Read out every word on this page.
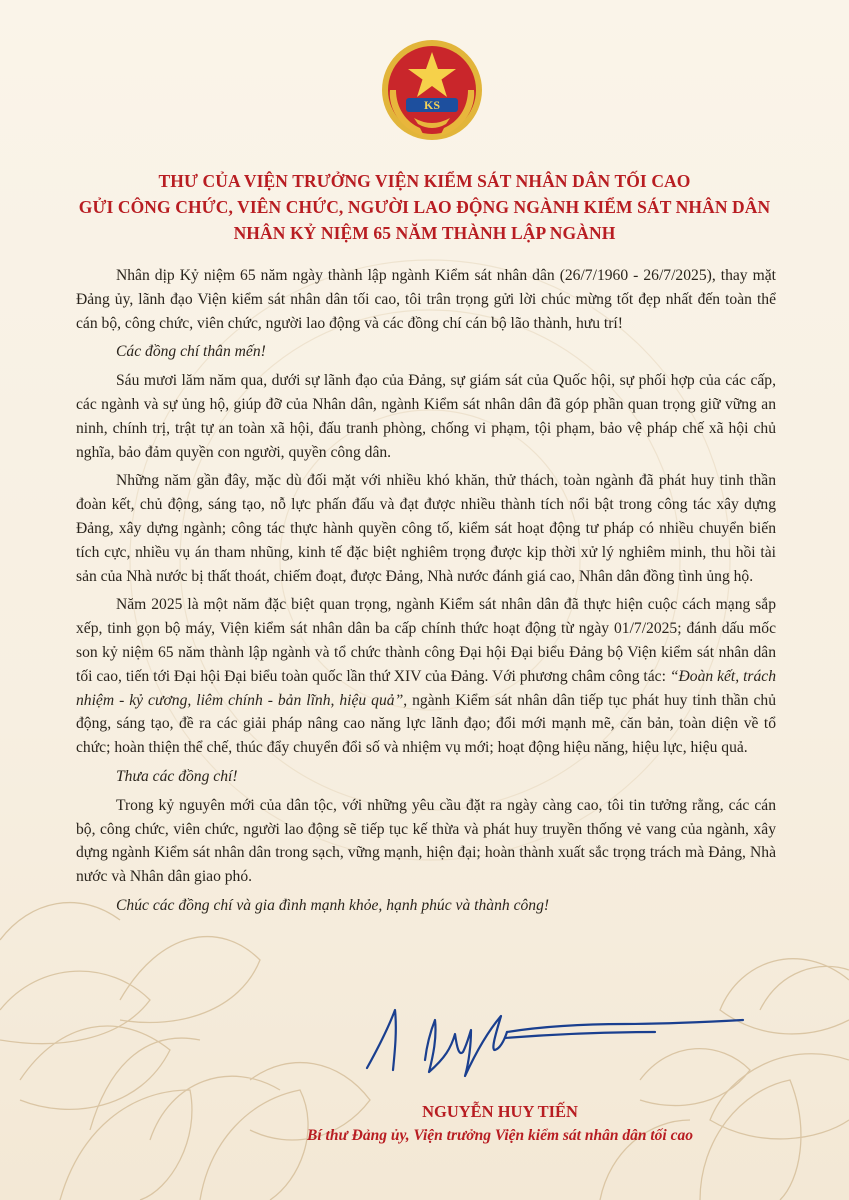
KS
THƯ CỦA VIỆN TRƯỞNG VIỆN KIỂM SÁT NHÂN DÂN TỐI CAO
GỬI CÔNG CHỨC, VIÊN CHỨC, NGƯỜI LAO ĐỘNG NGÀNH KIỂM SÁT NHÂN DÂN
NHÂN KỶ NIỆM 65 NĂM THÀNH LẬP NGÀNH

Nhân dịp Kỷ niệm 65 năm ngày thành lập ngành Kiểm sát nhân dân (26/7/1960 - 26/7/2025), thay mặt Đảng ủy, lãnh đạo Viện kiểm sát nhân dân tối cao, tôi trân trọng gửi lời chúc mừng tốt đẹp nhất đến toàn thể cán bộ, công chức, viên chức, người lao động và các đồng chí cán bộ lão thành, hưu trí!

Các đồng chí thân mến!

Sáu mươi lăm năm qua, dưới sự lãnh đạo của Đảng, sự giám sát của Quốc hội, sự phối hợp của các cấp, các ngành và sự ủng hộ, giúp đỡ của Nhân dân, ngành Kiểm sát nhân dân đã góp phần quan trọng giữ vững an ninh, chính trị, trật tự an toàn xã hội, đấu tranh phòng, chống vi phạm, tội phạm, bảo vệ pháp chế xã hội chủ nghĩa, bảo đảm quyền con người, quyền công dân.

Những năm gần đây, mặc dù đối mặt với nhiều khó khăn, thử thách, toàn ngành đã phát huy tinh thần đoàn kết, chủ động, sáng tạo, nỗ lực phấn đấu và đạt được nhiều thành tích nổi bật trong công tác xây dựng Đảng, xây dựng ngành; công tác thực hành quyền công tố, kiểm sát hoạt động tư pháp có nhiều chuyển biến tích cực, nhiều vụ án tham nhũng, kinh tế đặc biệt nghiêm trọng được kịp thời xử lý nghiêm minh, thu hồi tài sản của Nhà nước bị thất thoát, chiếm đoạt, được Đảng, Nhà nước đánh giá cao, Nhân dân đồng tình ủng hộ.

Năm 2025 là một năm đặc biệt quan trọng, ngành Kiểm sát nhân dân đã thực hiện cuộc cách mạng sắp xếp, tinh gọn bộ máy, Viện kiểm sát nhân dân ba cấp chính thức hoạt động từ ngày 01/7/2025; đánh dấu mốc son kỷ niệm 65 năm thành lập ngành và tổ chức thành công Đại hội Đại biểu Đảng bộ Viện kiểm sát nhân dân tối cao, tiến tới Đại hội Đại biểu toàn quốc lần thứ XIV của Đảng. Với phương châm công tác: “Đoàn kết, trách nhiệm - kỷ cương, liêm chính - bản lĩnh, hiệu quả”, ngành Kiểm sát nhân dân tiếp tục phát huy tinh thần chủ động, sáng tạo, đề ra các giải pháp nâng cao năng lực lãnh đạo; đổi mới mạnh mẽ, căn bản, toàn diện về tổ chức; hoàn thiện thể chế, thúc đẩy chuyển đổi số và nhiệm vụ mới; hoạt động hiệu năng, hiệu lực, hiệu quả.

Thưa các đồng chí!

Trong kỷ nguyên mới của dân tộc, với những yêu cầu đặt ra ngày càng cao, tôi tin tưởng rằng, các cán bộ, công chức, viên chức, người lao động sẽ tiếp tục kế thừa và phát huy truyền thống vẻ vang của ngành, xây dựng ngành Kiểm sát nhân dân trong sạch, vững mạnh, hiện đại; hoàn thành xuất sắc trọng trách mà Đảng, Nhà nước và Nhân dân giao phó.

Chúc các đồng chí và gia đình mạnh khỏe, hạnh phúc và thành công!

NGUYỄN HUY TIẾN
Bí thư Đảng ủy, Viện trưởng Viện kiểm sát nhân dân tối cao
